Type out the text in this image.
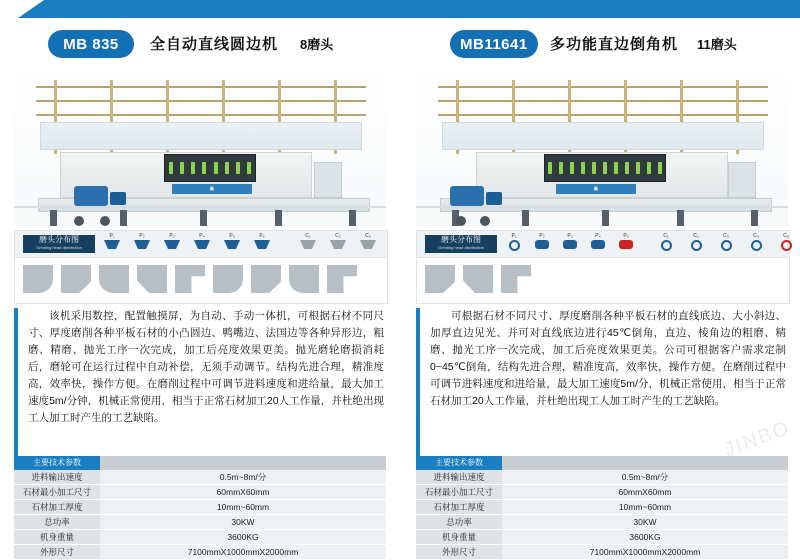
MB 835 全自动直线圆边机 8磨头
▣
磨头分布图
Grinding head distribution
P₁	P₂	P₃	P₄	P₅	P₆	C₁	C₂	C₃
该机采用数控，配置触摸屏，为自动、手动一体机，可根据石材不同尺寸、厚度磨削各种平板石材的小凸圆边、鸭嘴边、法国边等各种异形边，粗磨、精磨、抛光工序一次完成，加工后亮度效果更美。抛光磨轮磨损消耗后，磨轮可在运行过程中自动补偿，无须手动调节。结构先进合理，精准度高，效率快，操作方便。在磨削过程中可调节进料速度和进给量，最大加工速度5m/分钟，机械正常使用，相当于正常石材加工20人工作量，并杜绝出现工人加工时产生的工艺缺陷。
主要技术参数
进料输出速度	0.5m~8m/分
石材最小加工尺寸	60mmX60mm
石材加工厚度	10mm~60mm
总功率	30KW
机身重量	3600KG
外形尺寸	7100mmX1000mmX2000mm
MB11641 多功能直边倒角机 11磨头
▣
磨头分布图
Grinding head distribution
P₁	P₂	P₃	P₄	P₅	C₁	C₂	C₃	C₄	C₅
可根据石材不同尺寸、厚度磨削各种平板石材的直线底边、大小斜边、加厚直边见光、并可对直线底边进行45℃倒角，直边、棱角边的粗磨、精磨、抛光工序一次完成，加工后亮度效果更美。公司可根据客户需求定制0~45℃倒角，结构先进合理，精准度高，效率快，操作方便。在磨削过程中可调节进料速度和进给量，最大加工速度5m/分，机械正常使用，相当于正常石材加工20人工作量，并杜绝出现工人加工时产生的工艺缺陷。
主要技术参数
进料输出速度	0.5m~8m/分
石材最小加工尺寸	60mmX60mm
石材加工厚度	10mm~60mm
总功率	30KW
机身重量	3600KG
外形尺寸	7100mmX1000mmX2000mm
JINBO
